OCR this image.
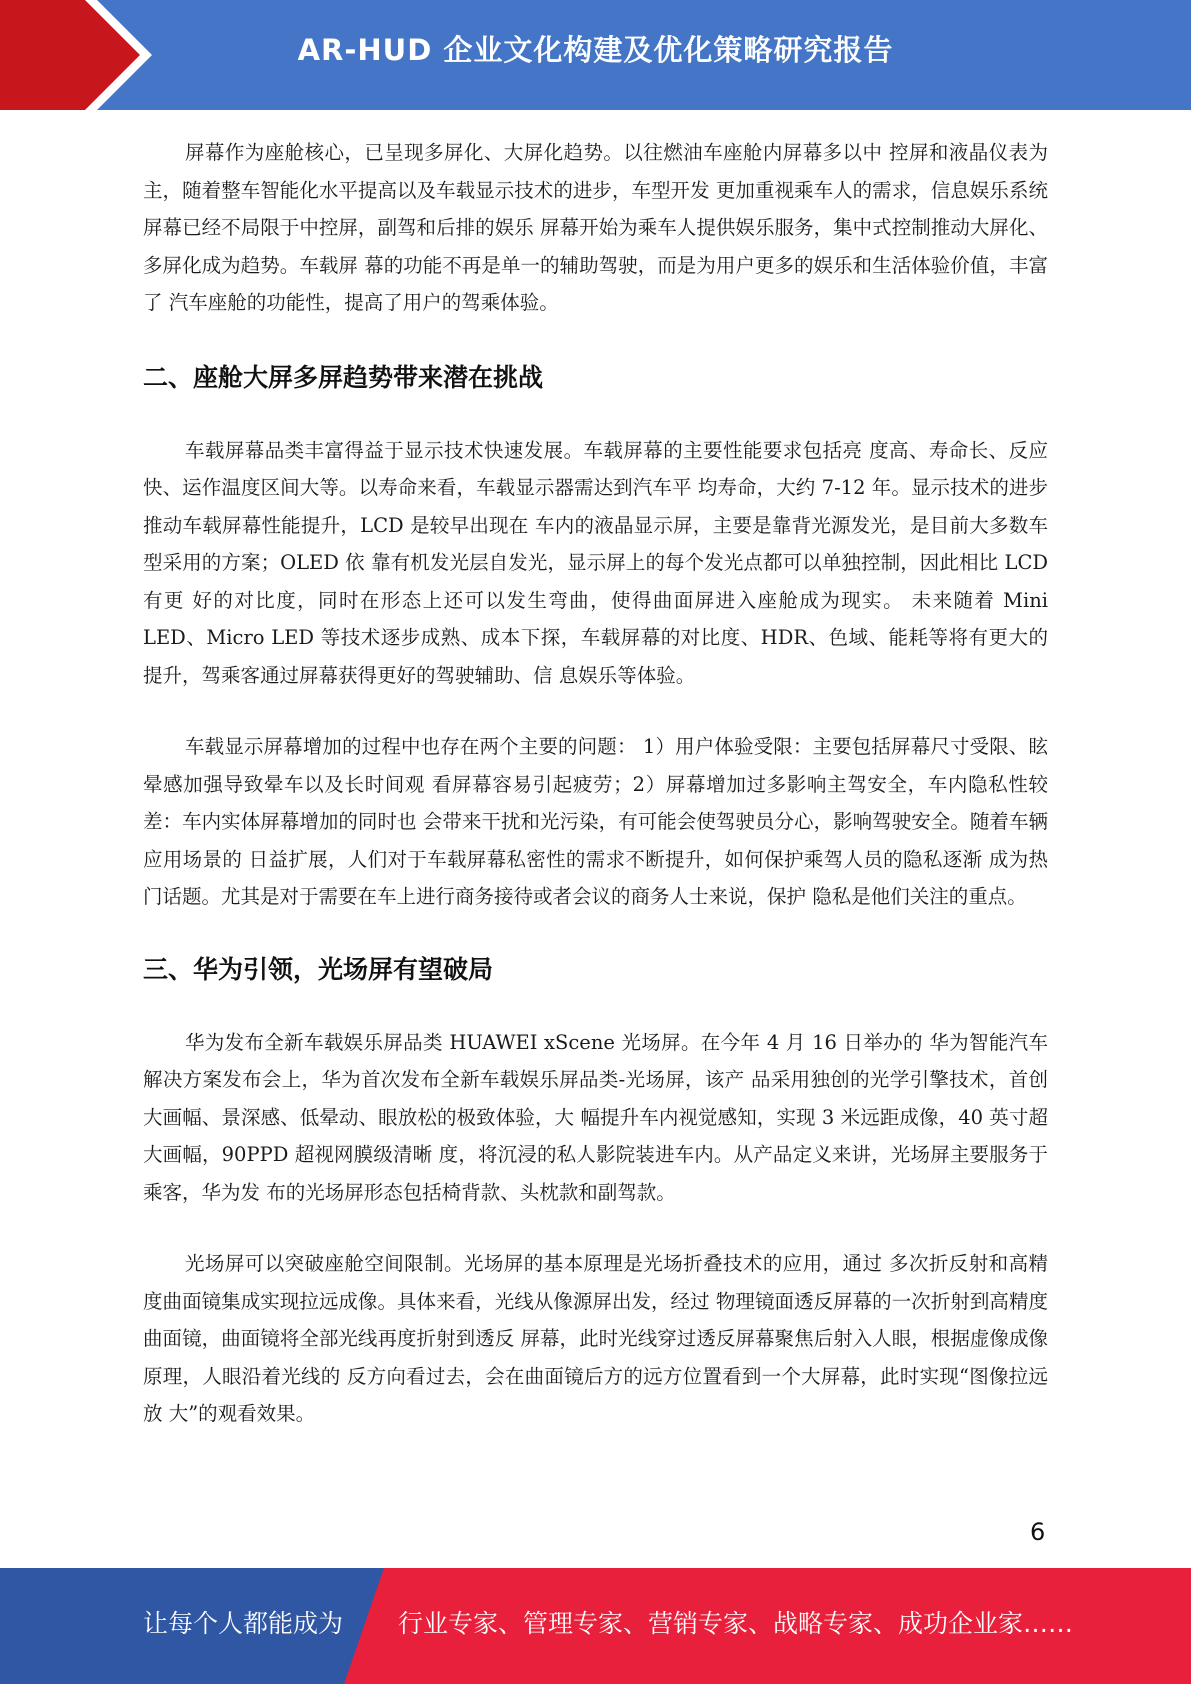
AR-HUD 企业文化构建及优化策略研究报告

屏幕作为座舱核心，已呈现多屏化、大屏化趋势。以往燃油车座舱内屏幕多以中 控屏和液晶仪表为主，随着整车智能化水平提高以及车载显示技术的进步，车型开发 更加重视乘车人的需求，信息娱乐系统屏幕已经不局限于中控屏，副驾和后排的娱乐 屏幕开始为乘车人提供娱乐服务，集中式控制推动大屏化、多屏化成为趋势。车载屏 幕的功能不再是单一的辅助驾驶，而是为用户更多的娱乐和生活体验价值，丰富了 汽车座舱的功能性，提高了用户的驾乘体验。

二、座舱大屏多屏趋势带来潜在挑战

车载屏幕品类丰富得益于显示技术快速发展。车载屏幕的主要性能要求包括亮 度高、寿命长、反应快、运作温度区间大等。以寿命来看，车载显示器需达到汽车平 均寿命，大约 7-12 年。显示技术的进步推动车载屏幕性能提升，LCD 是较早出现在 车内的液晶显示屏，主要是靠背光源发光，是目前大多数车型采用的方案；OLED 依 靠有机发光层自发光，显示屏上的每个发光点都可以单独控制，因此相比 LCD 有更 好的对比度，同时在形态上还可以发生弯曲，使得曲面屏进入座舱成为现实。 未来随着 Mini LED、Micro LED 等技术逐步成熟、成本下探，车载屏幕的对比度、HDR、色域、能耗等将有更大的提升，驾乘客通过屏幕获得更好的驾驶辅助、信 息娱乐等体验。

车载显示屏幕增加的过程中也存在两个主要的问题： 1）用户体验受限：主要包括屏幕尺寸受限、眩晕感加强导致晕车以及长时间观 看屏幕容易引起疲劳；2）屏幕增加过多影响主驾安全，车内隐私性较差：车内实体屏幕增加的同时也 会带来干扰和光污染，有可能会使驾驶员分心，影响驾驶安全。随着车辆应用场景的 日益扩展，人们对于车载屏幕私密性的需求不断提升，如何保护乘驾人员的隐私逐渐 成为热门话题。尤其是对于需要在车上进行商务接待或者会议的商务人士来说，保护 隐私是他们关注的重点。

三、华为引领，光场屏有望破局

华为发布全新车载娱乐屏品类 HUAWEI xScene 光场屏。在今年 4 月 16 日举办的 华为智能汽车解决方案发布会上，华为首次发布全新车载娱乐屏品类-光场屏，该产 品采用独创的光学引擎技术，首创大画幅、景深感、低晕动、眼放松的极致体验，大 幅提升车内视觉感知，实现 3 米远距成像，40 英寸超大画幅，90PPD 超视网膜级清晰 度，将沉浸的私人影院装进车内。从产品定义来讲，光场屏主要服务于乘客，华为发 布的光场屏形态包括椅背款、头枕款和副驾款。

光场屏可以突破座舱空间限制。光场屏的基本原理是光场折叠技术的应用，通过 多次折反射和高精度曲面镜集成实现拉远成像。具体来看，光线从像源屏出发，经过 物理镜面透反屏幕的一次折射到高精度曲面镜，曲面镜将全部光线再度折射到透反 屏幕，此时光线穿过透反屏幕聚焦后射入人眼，根据虚像成像原理，人眼沿着光线的 反方向看过去，会在曲面镜后方的远方位置看到一个大屏幕，此时实现“图像拉远放 大”的观看效果。

6
让每个人都能成为 行业专家、管理专家、营销专家、战略专家、成功企业家……
